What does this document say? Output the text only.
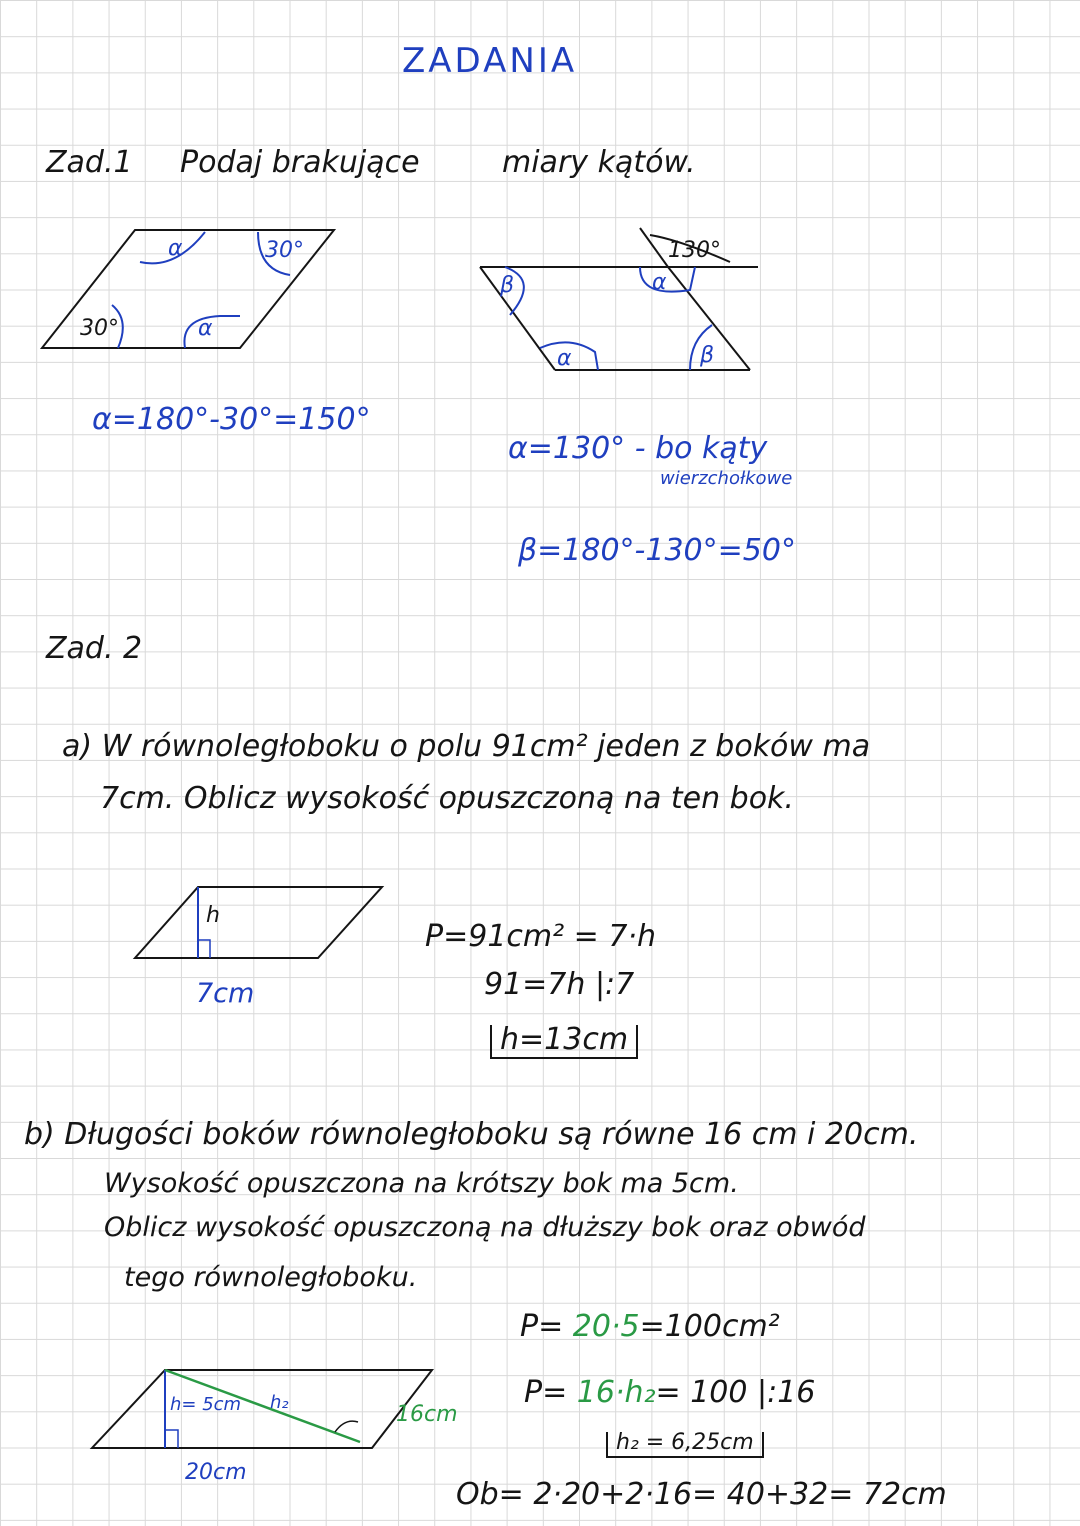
ZADANIA
Zad.1 Podaj brakujące	miary kątów.
α	30°
30°	α
β	α
130°
α	β
α=180°-30°=150°
α=130° - bo kąty
wierzchołkowe
β=180°-130°=50°
Zad. 2
a) W równoległoboku o polu 91cm² jeden z boków ma
7cm. Oblicz wysokość opuszczoną na ten bok.
h
7cm
P=91cm² = 7·h
91=7h |:7
h=13cm
b) Długości boków równoległoboku są równe 16 cm i 20cm.
Wysokość opuszczona na krótszy bok ma 5cm.
Oblicz wysokość opuszczoną na dłuższy bok oraz obwód
tego równoległoboku.
h= 5cm h₂	16cm
20cm
P= 20·5=100cm²
P= 16·h₂= 100 |:16
h₂ = 6,25cm
Ob= 2·20+2·16= 40+32= 72cm
